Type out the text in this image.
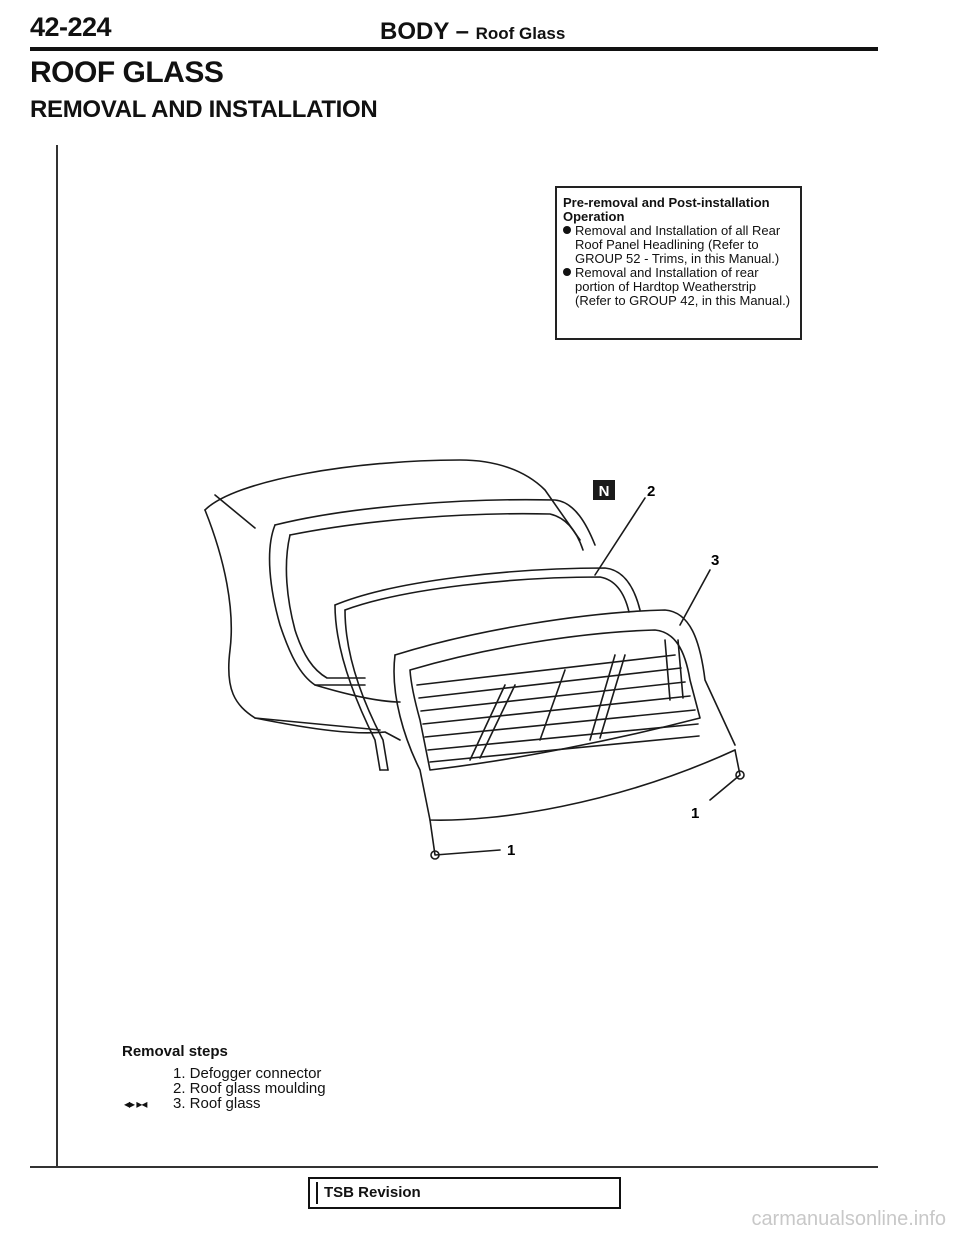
42-224	BODY – Roof Glass
ROOF GLASS
REMOVAL AND INSTALLATION
Pre-removal and Post-installation
Operation
Removal and Installation of all Rear Roof Panel Headlining (Refer to GROUP 52 - Trims, in this Manual.)
Removal and Installation of rear portion of Hardtop Weatherstrip (Refer to GROUP 42, in this Manual.)
N	2
3
1
1
Removal steps
1. Defogger connector
2. Roof glass moulding
◂▸ ▸◂ 3. Roof glass
TSB Revision
carmanualsonline.info
